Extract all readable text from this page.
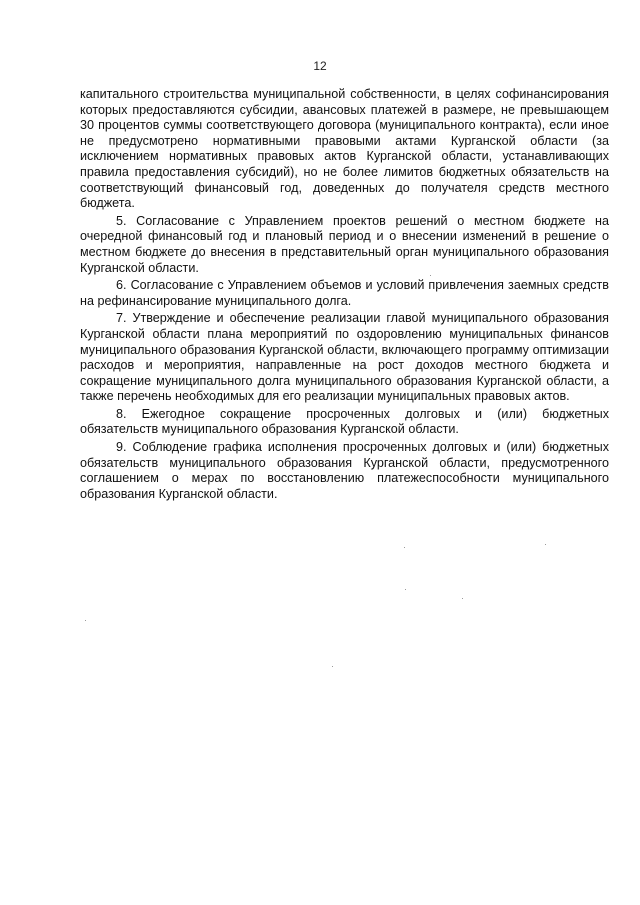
12

капитального строительства муниципальной собственности, в целях софинансирования которых предоставляются субсидии, авансовых платежей в размере, не превышающем 30 процентов суммы соответствующего договора (муниципального контракта), если иное не предусмотрено нормативными правовыми актами Курганской области (за исключением нормативных правовых актов Курганской области, устанавливающих правила предоставления субсидий), но не более лимитов бюджетных обязательств на соответствующий финансовый год, доведенных до получателя средств местного бюджета.

5. Согласование с Управлением проектов решений о местном бюджете на очередной финансовый год и плановый период и о внесении изменений в решение о местном бюджете до внесения в представительный орган муниципального образования Курганской области.

6. Согласование с Управлением объемов и условий привлечения заемных средств на рефинансирование муниципального долга.

7. Утверждение и обеспечение реализации главой муниципального образования Курганской области плана мероприятий по оздоровлению муниципальных финансов муниципального образования Курганской области, включающего программу оптимизации расходов и мероприятия, направленные на рост доходов местного бюджета и сокращение муниципального долга муниципального образования Курганской области, а также перечень необходимых для его реализации муниципальных правовых актов.

8. Ежегодное сокращение просроченных долговых и (или) бюджетных обязательств муниципального образования Курганской области.

9. Соблюдение графика исполнения просроченных долговых и (или) бюджетных обязательств муниципального образования Курганской области, предусмотренного соглашением о мерах по восстановлению платежеспособности муниципального образования Курганской области.
